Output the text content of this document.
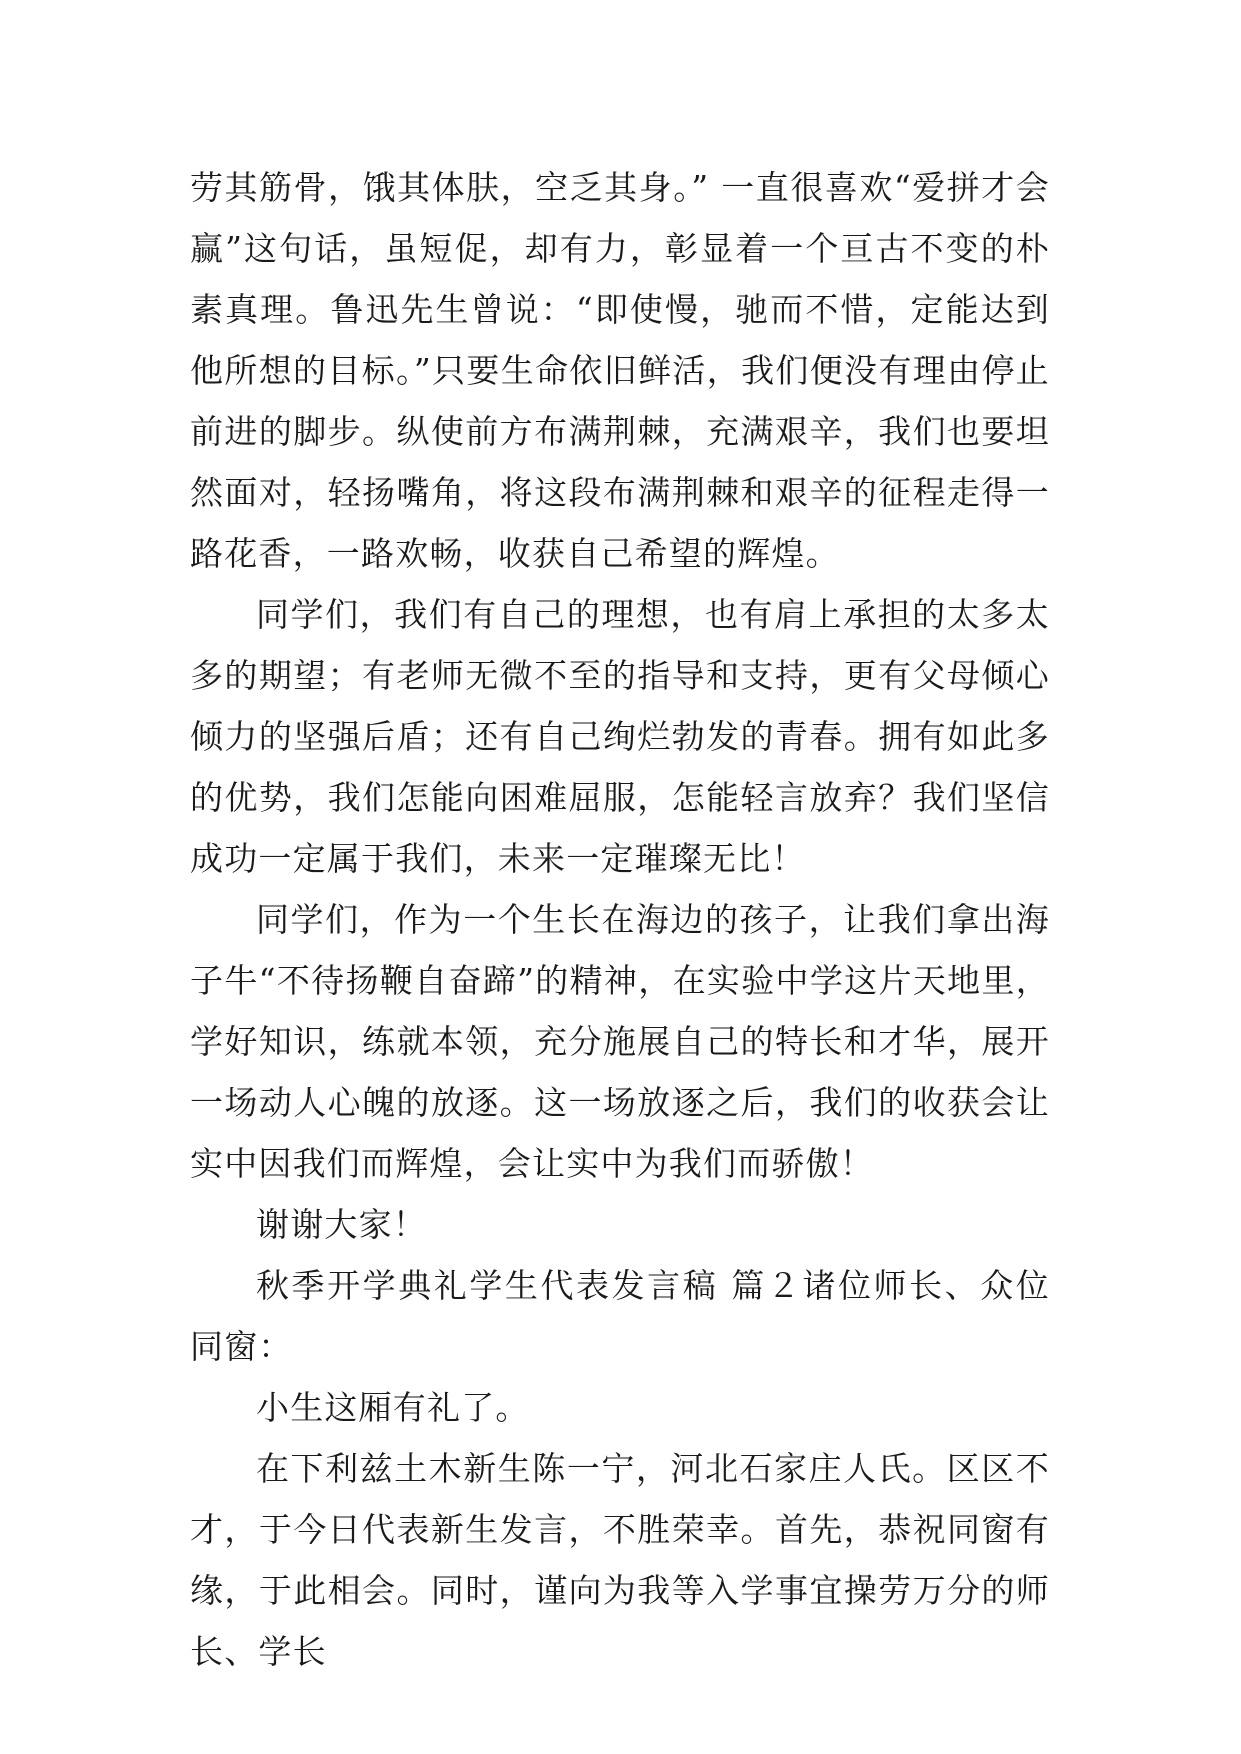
劳其筋骨，饿其体肤，空乏其身。” 一直很喜欢“爱拼才会赢”这句话，虽短促，却有力，彰显着一个亘古不变的朴素真理。鲁迅先生曾说：“即使慢，驰而不惜，定能达到他所想的目标。”只要生命依旧鲜活，我们便没有理由停止前进的脚步。纵使前方布满荆棘，充满艰辛，我们也要坦然面对，轻扬嘴角，将这段布满荆棘和艰辛的征程走得一路花香，一路欢畅，收获自己希望的辉煌。

同学们，我们有自己的理想，也有肩上承担的太多太多的期望；有老师无微不至的指导和支持，更有父母倾心倾力的坚强后盾；还有自己绚烂勃发的青春。拥有如此多的优势，我们怎能向困难屈服，怎能轻言放弃？我们坚信成功一定属于我们，未来一定璀璨无比！

同学们，作为一个生长在海边的孩子，让我们拿出海子牛“不待扬鞭自奋蹄”的精神，在实验中学这片天地里，学好知识，练就本领，充分施展自己的特长和才华，展开一场动人心魄的放逐。这一场放逐之后，我们的收获会让实中因我们而辉煌，会让实中为我们而骄傲！

谢谢大家！

秋季开学典礼学生代表发言稿 篇２诸位师长、众位同窗：

小生这厢有礼了。

在下利兹土木新生陈一宁，河北石家庄人氏。区区不才，于今日代表新生发言，不胜荣幸。首先，恭祝同窗有缘，于此相会。同时，谨向为我等入学事宜操劳万分的师长、学长
